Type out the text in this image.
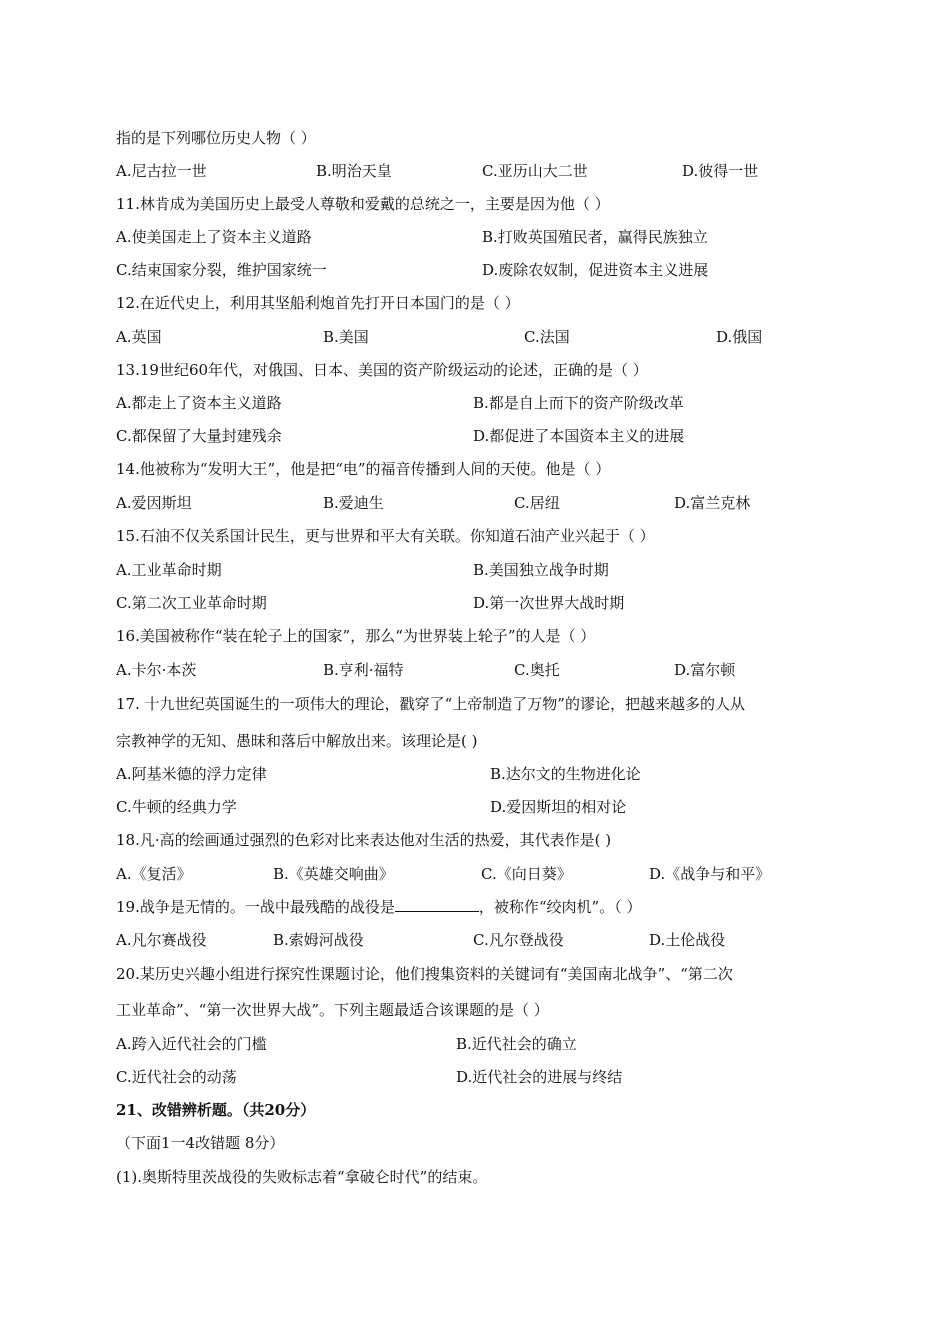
指的是下列哪位历史人物（ ）
A.尼古拉一世	B.明治天皇	C.亚历山大二世	D.彼得一世
11.林肯成为美国历史上最受人尊敬和爱戴的总统之一，主要是因为他（ ）
A.使美国走上了资本主义道路	B.打败英国殖民者，赢得民族独立
C.结束国家分裂，维护国家统一	D.废除农奴制，促进资本主义进展
12.在近代史上，利用其坚船利炮首先打开日本国门的是（ ）
A.英国	B.美国	C.法国	D.俄国
13.19世纪60年代，对俄国、日本、美国的资产阶级运动的论述，正确的是（ ）
A.都走上了资本主义道路	B.都是自上而下的资产阶级改革
C.都保留了大量封建残余	D.都促进了本国资本主义的进展
14.他被称为“发明大王”，他是把“电”的福音传播到人间的天使。他是（ ）
A.爱因斯坦	B.爱迪生	C.居纽	D.富兰克林
15.石油不仅关系国计民生，更与世界和平大有关联。你知道石油产业兴起于（ ）
A.工业革命时期	B.美国独立战争时期
C.第二次工业革命时期	D.第一次世界大战时期
16.美国被称作“装在轮子上的国家”，那么“为世界装上轮子”的人是（ ）
A.卡尔·本茨	B.亨利·福特	C.奥托	D.富尔顿
17. 十九世纪英国诞生的一项伟大的理论，戳穿了“上帝制造了万物”的谬论，把越来越多的人从
宗教神学的无知、愚昧和落后中解放出来。该理论是( )
A.阿基米德的浮力定律	B.达尔文的生物进化论
C.牛顿的经典力学	D.爱因斯坦的相对论
18.凡·高的绘画通过强烈的色彩对比来表达他对生活的热爱，其代表作是( )
A.《复活》	B.《英雄交响曲》	C.《向日葵》	D.《战争与和平》
19.战争是无情的。一战中最残酷的战役是	，被称作“绞肉机”。（ ）
A.凡尔赛战役	B.索姆河战役	C.凡尔登战役	D.土伦战役
20.某历史兴趣小组进行探究性课题讨论，他们搜集资料的关键词有“美国南北战争”、“第二次
工业革命”、“第一次世界大战”。下列主题最适合该课题的是（ ）
A.跨入近代社会的门槛	B.近代社会的确立
C.近代社会的动荡	D.近代社会的进展与终结
21、改错辨析题。（共20分）
（下面1一4改错题 8分）
(1).奥斯特里茨战役的失败标志着“拿破仑时代”的结束。
